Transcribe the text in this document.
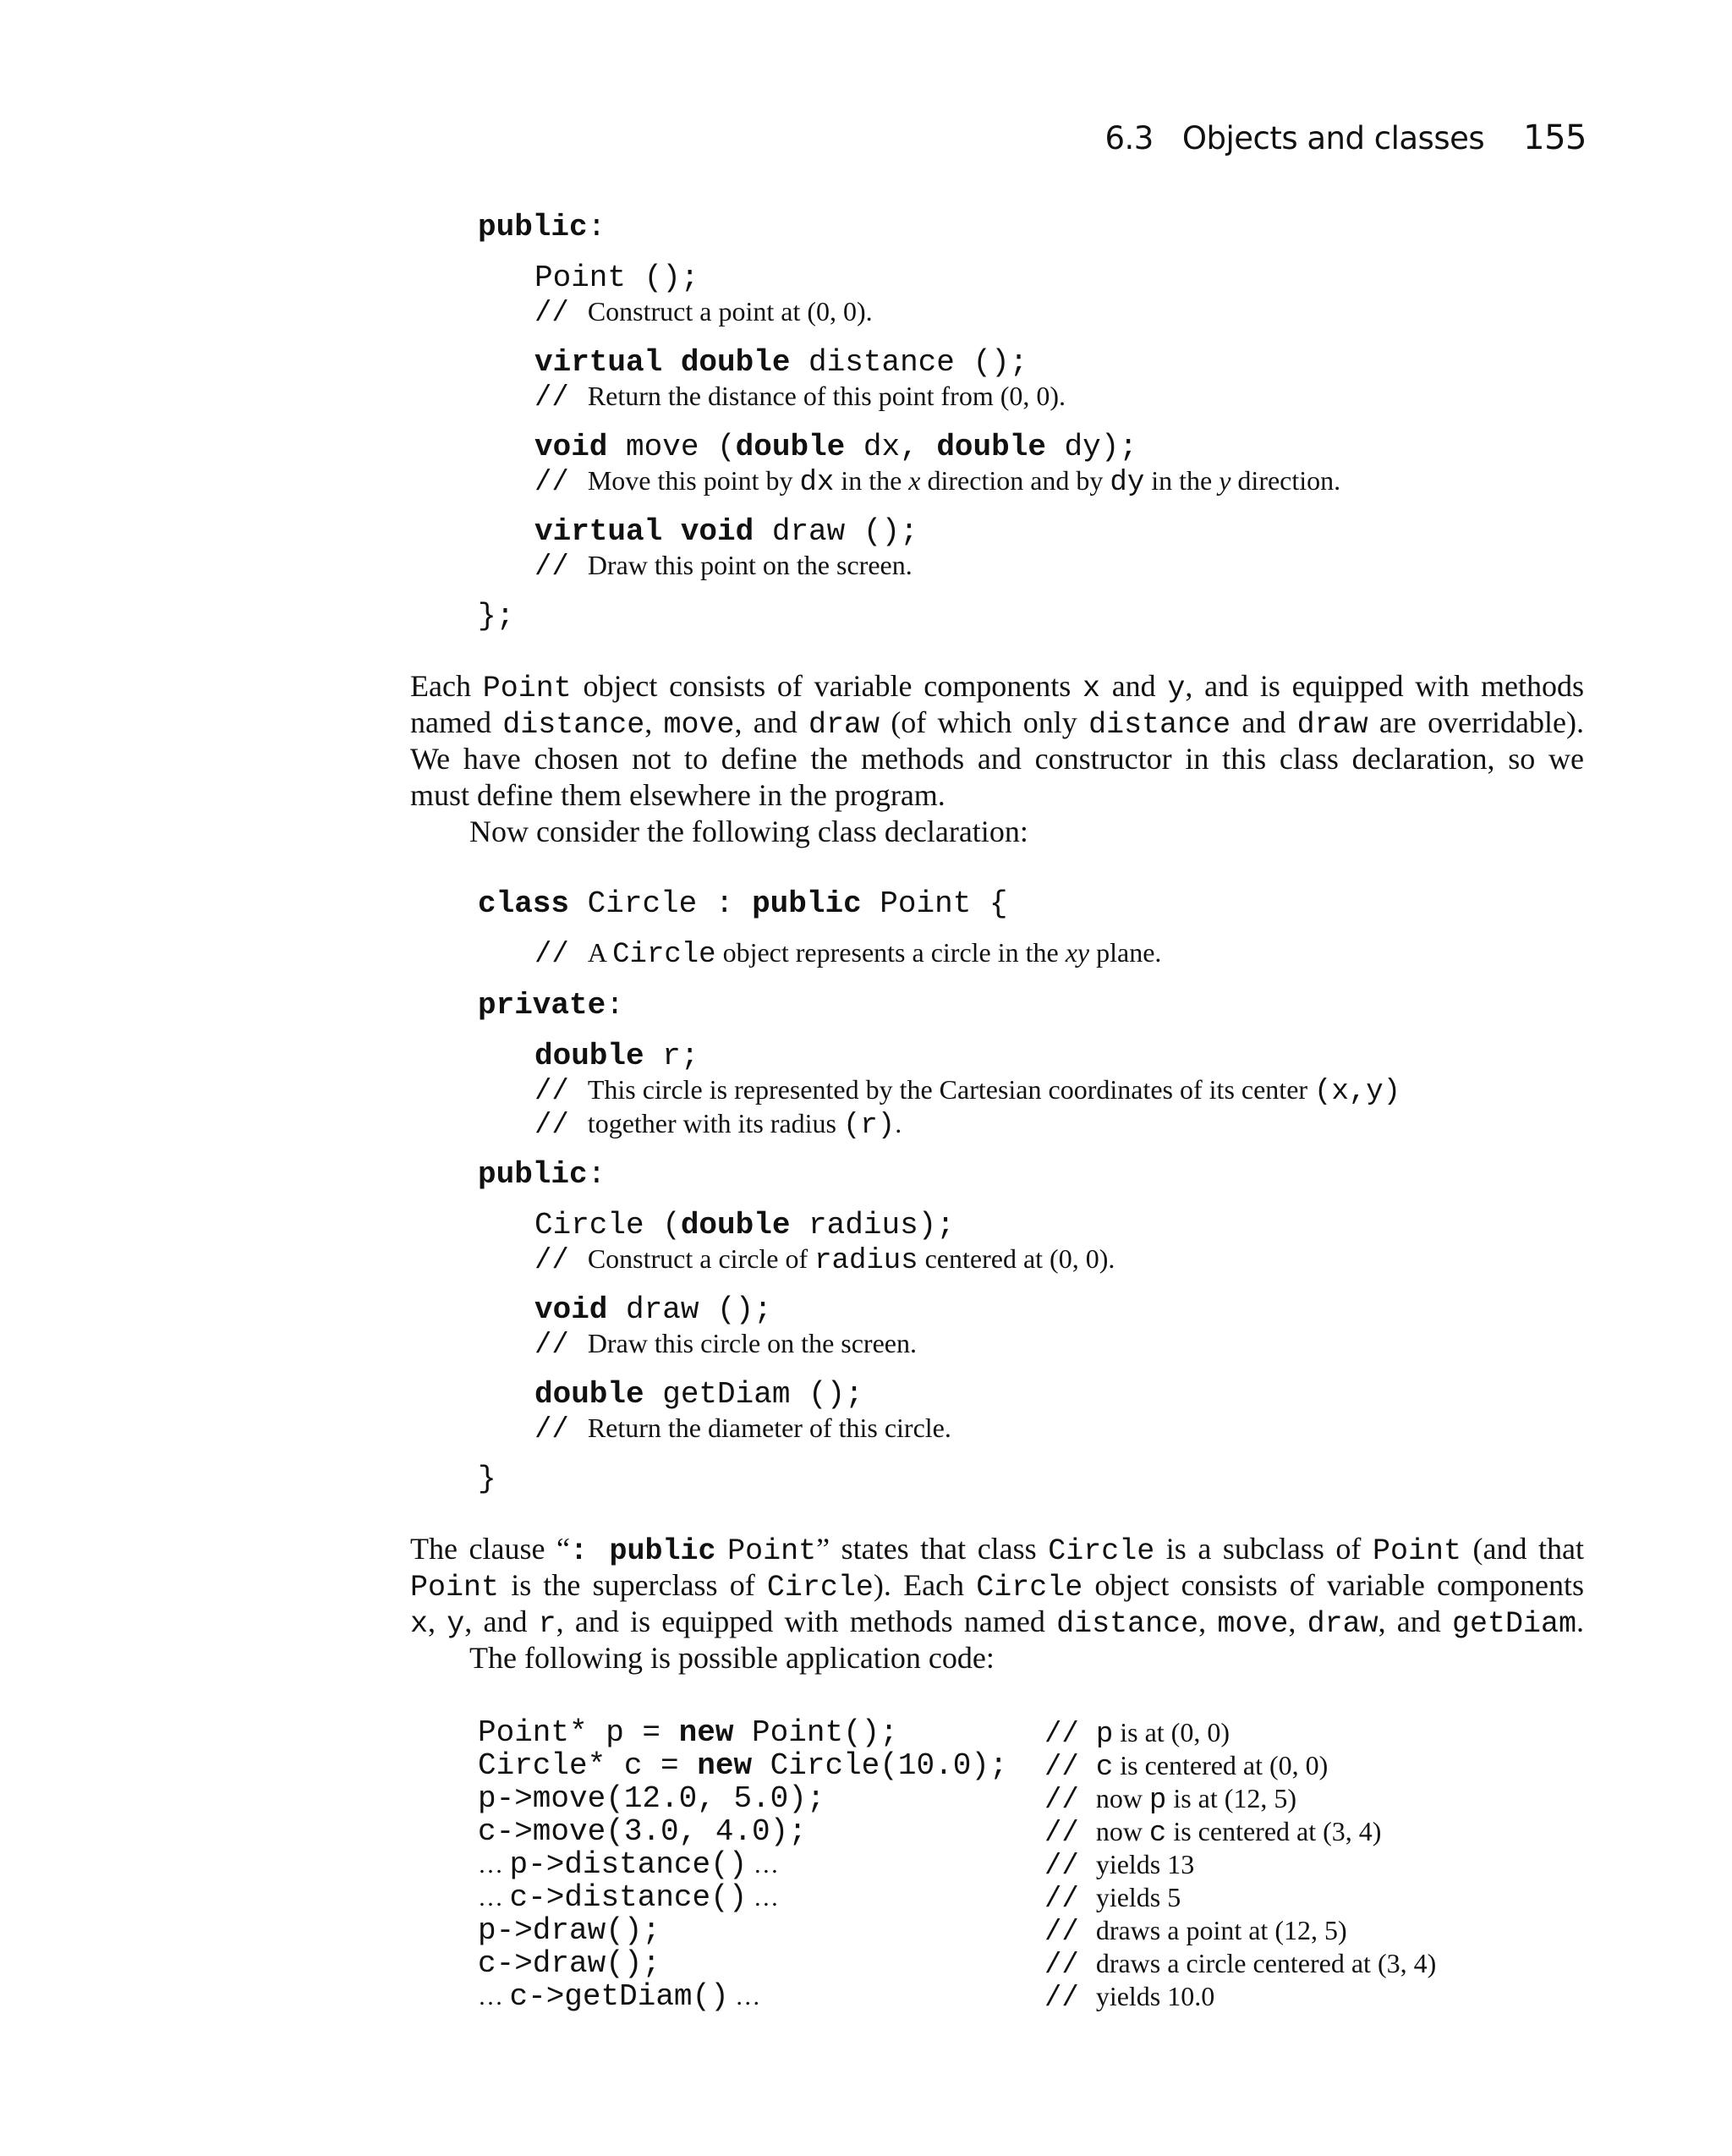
6.3 Objects and classes 155
public:
Point ();
// Construct a point at (0, 0).
virtual double distance ();
// Return the distance of this point from (0, 0).
void move (double dx, double dy);
// Move this point by dx in the x direction and by dy in the y direction.
virtual void draw ();
// Draw this point on the screen.
};
Each Point object consists of variable components x and y, and is equipped with methods
named distance, move, and draw (of which only distance and draw are overridable).
We have chosen not to define the methods and constructor in this class declaration, so we
must define them elsewhere in the program.
Now consider the following class declaration:
class Circle : public Point {
// A Circle object represents a circle in the xy plane.
private:
double r;
// This circle is represented by the Cartesian coordinates of its center (x,y)
// together with its radius (r).
public:
Circle (double radius);
// Construct a circle of radius centered at (0, 0).
void draw ();
// Draw this circle on the screen.
double getDiam ();
// Return the diameter of this circle.
}
The clause “: public Point” states that class Circle is a subclass of Point (and that
Point is the superclass of Circle). Each Circle object consists of variable components
x, y, and r, and is equipped with methods named distance, move, draw, and getDiam.
The following is possible application code:
Point* p = new Point();
Circle* c = new Circle(10.0);
p->move(12.0, 5.0);
c->move(3.0, 4.0);
… p->distance() …
… c->distance() …
p->draw();
c->draw();
… c->getDiam() …
// p is at (0, 0)
// c is centered at (0, 0)
// now p is at (12, 5)
// now c is centered at (3, 4)
// yields 13
// yields 5
// draws a point at (12, 5)
// draws a circle centered at (3, 4)
// yields 10.0
